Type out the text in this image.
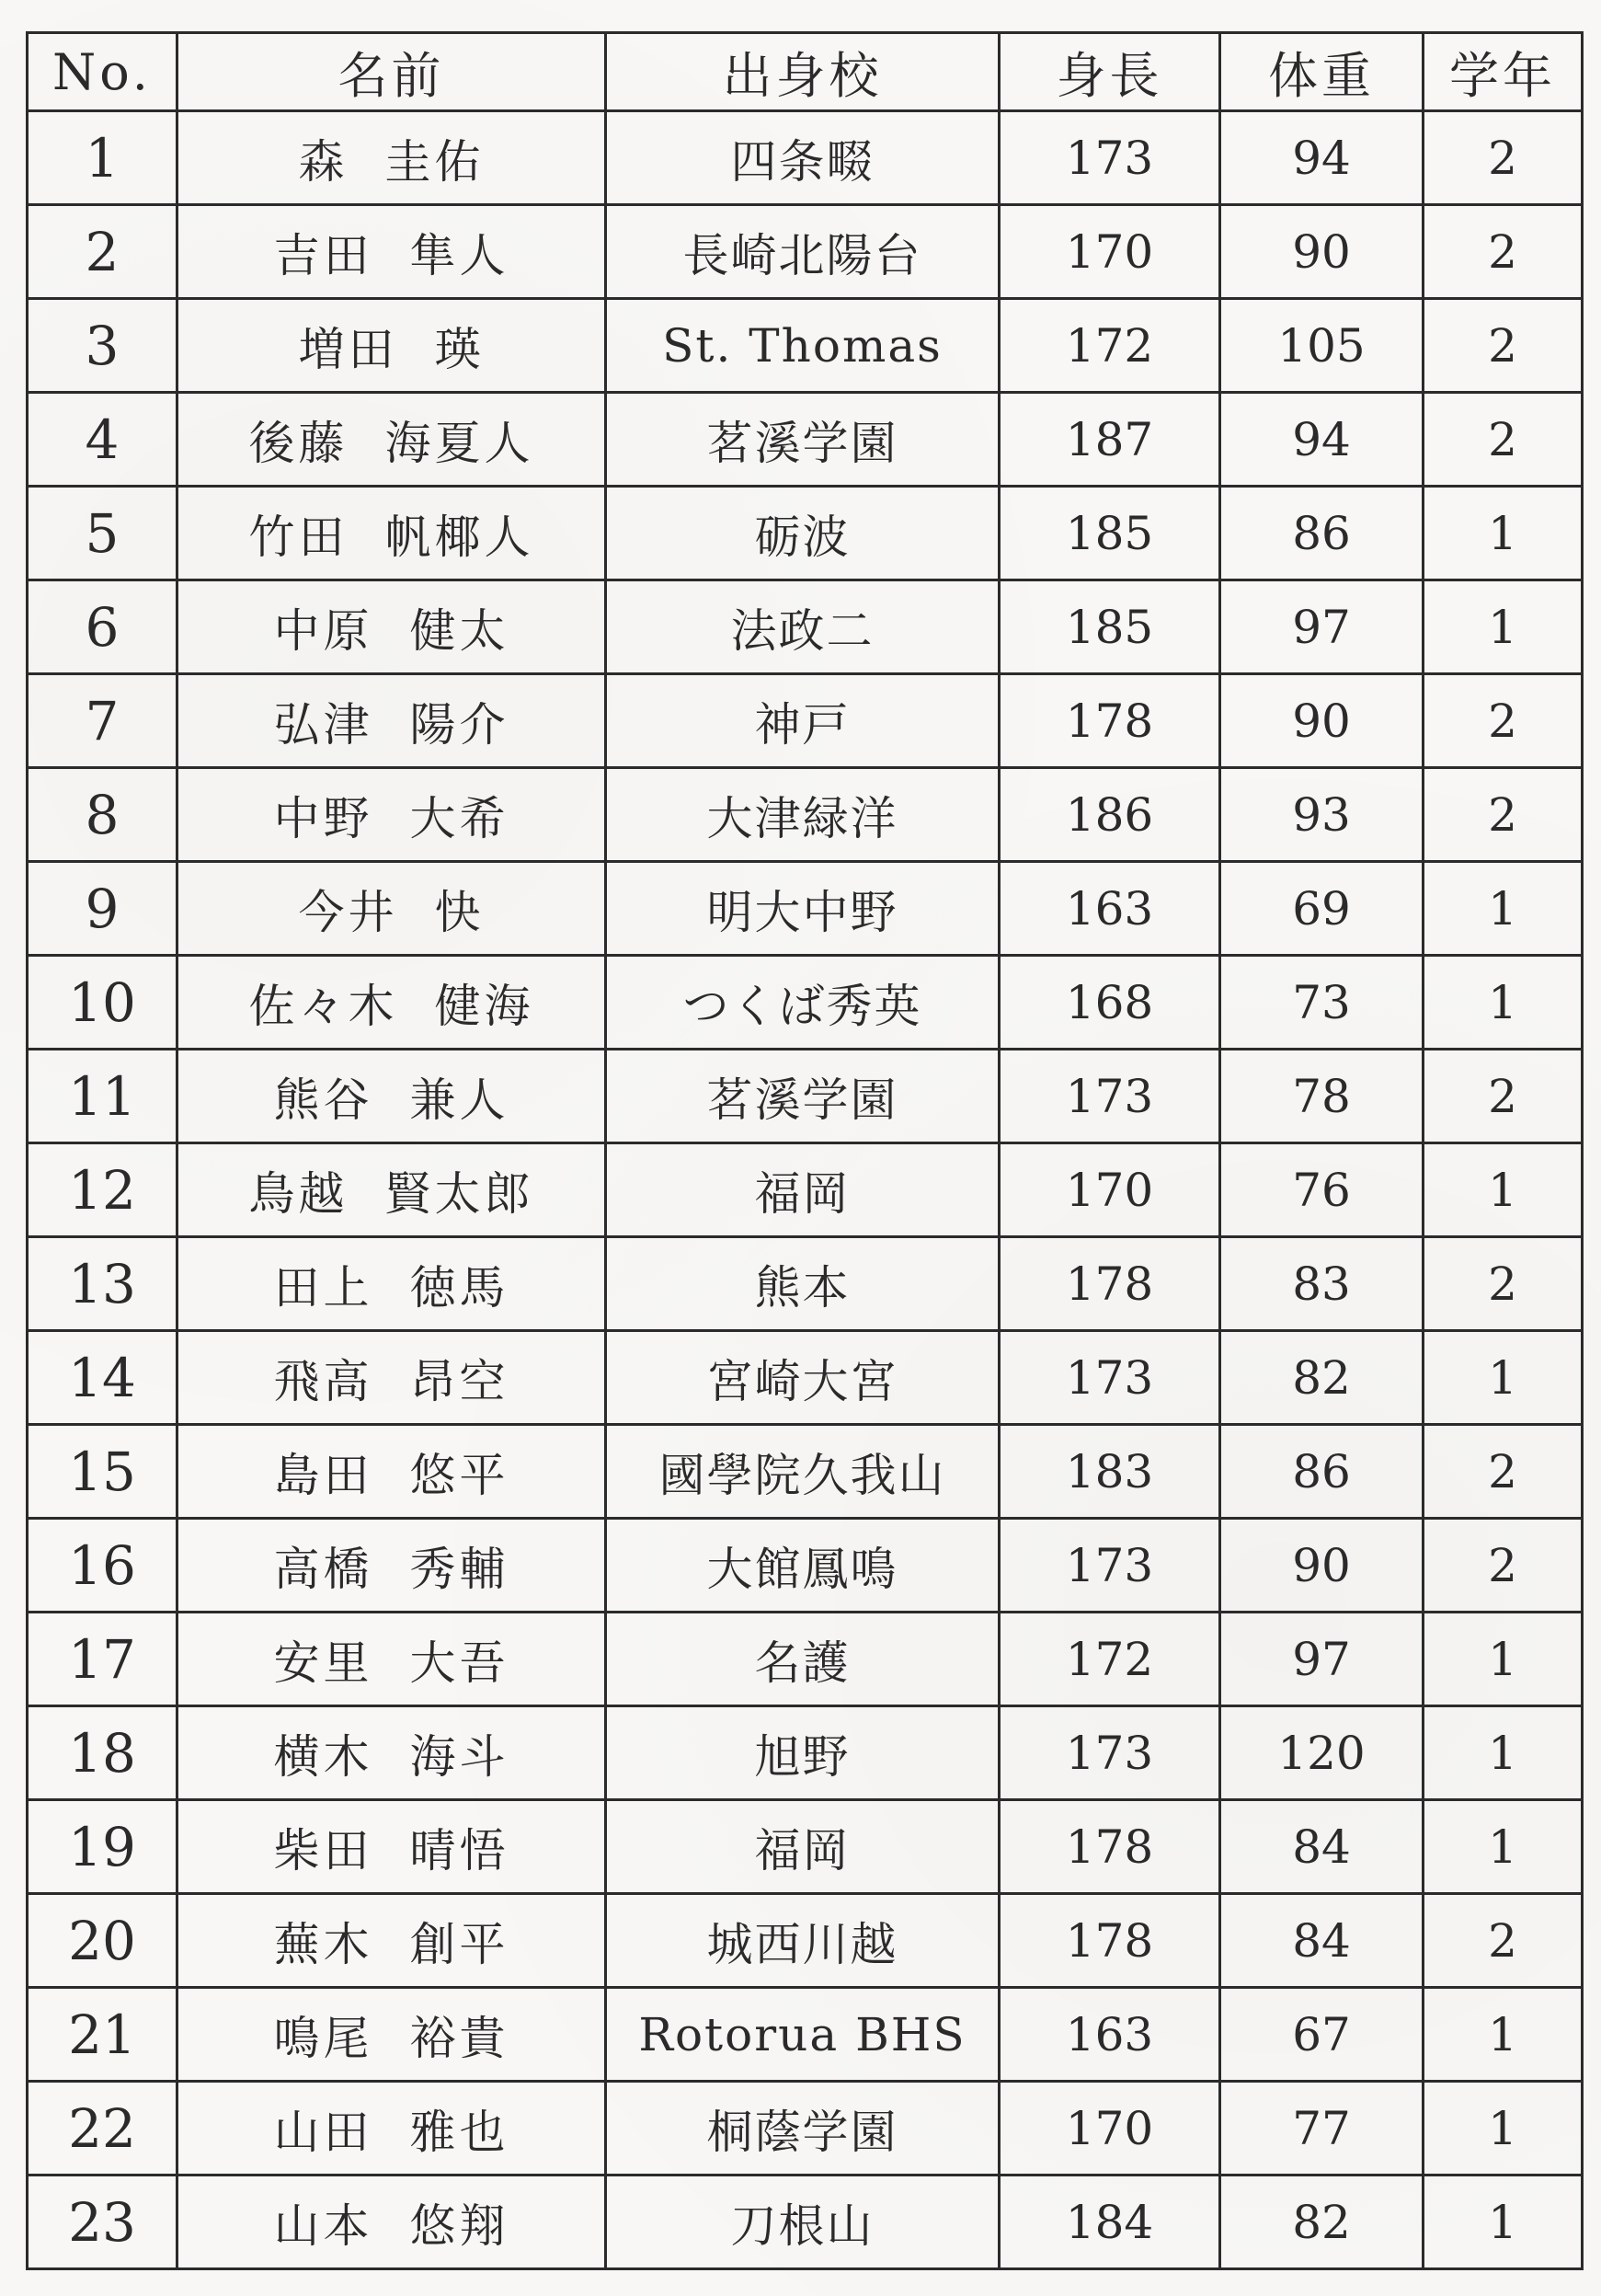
No.	名前	出身校	身長	体重	学年
1	森 圭佑	四条畷	173	94	2
2	吉田 隼人	長崎北陽台	170	90	2
3	増田 瑛	St. Thomas	172	105	2
4	後藤 海夏人	茗溪学園	187	94	2
5	竹田 帆椰人	砺波	185	86	1
6	中原 健太	法政二	185	97	1
7	弘津 陽介	神戸	178	90	2
8	中野 大希	大津緑洋	186	93	2
9	今井 快	明大中野	163	69	1
10	佐々木 健海	つくば秀英	168	73	1
11	熊谷 兼人	茗溪学園	173	78	2
12	鳥越 賢太郎	福岡	170	76	1
13	田上 徳馬	熊本	178	83	2
14	飛高 昂空	宮崎大宮	173	82	1
15	島田 悠平	國學院久我山	183	86	2
16	高橋 秀輔	大館鳳鳴	173	90	2
17	安里 大吾	名護	172	97	1
18	横木 海斗	旭野	173	120	1
19	柴田 晴悟	福岡	178	84	1
20	蕪木 創平	城西川越	178	84	2
21	鳴尾 裕貴	Rotorua BHS	163	67	1
22	山田 雅也	桐蔭学園	170	77	1
23	山本 悠翔	刀根山	184	82	1
